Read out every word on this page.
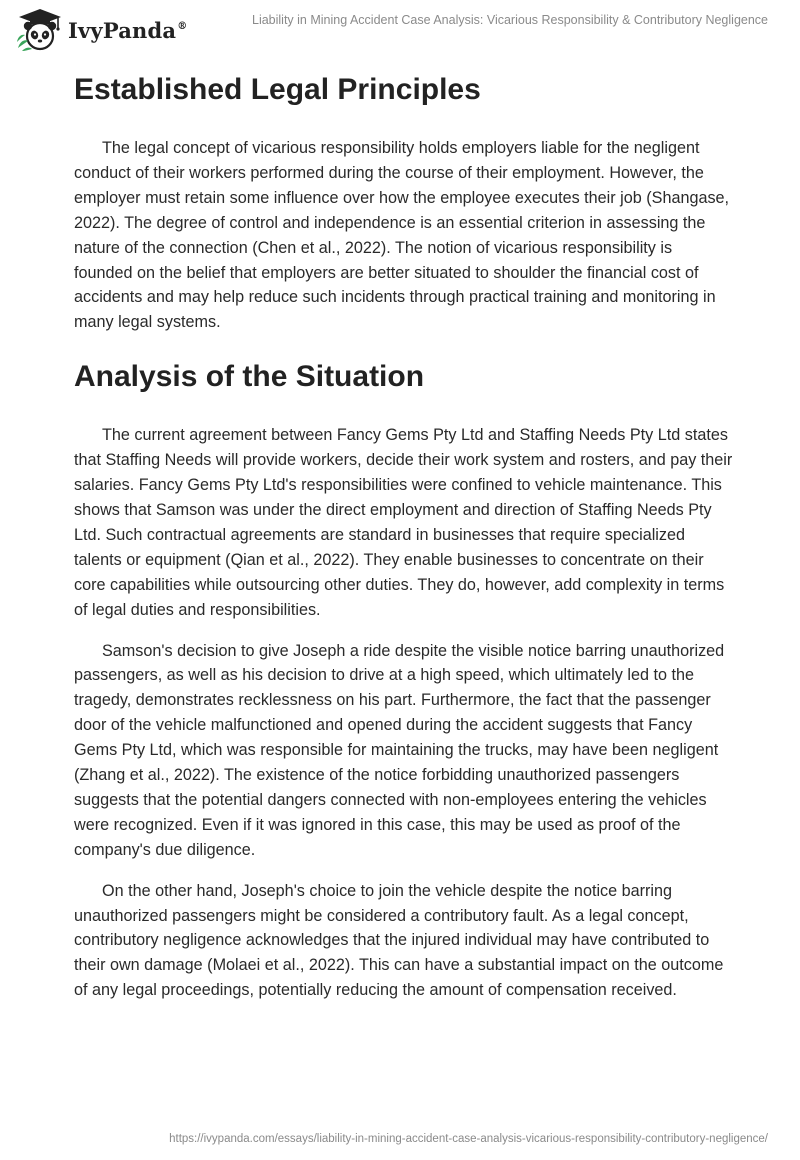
IvyPanda®	Liability in Mining Accident Case Analysis: Vicarious Responsibility & Contributory Negligence
Established Legal Principles

The legal concept of vicarious responsibility holds employers liable for the negligent conduct of their workers performed during the course of their employment. However, the employer must retain some influence over how the employee executes their job (Shangase, 2022). The degree of control and independence is an essential criterion in assessing the nature of the connection (Chen et al., 2022). The notion of vicarious responsibility is founded on the belief that employers are better situated to shoulder the financial cost of accidents and may help reduce such incidents through practical training and monitoring in many legal systems.

Analysis of the Situation

The current agreement between Fancy Gems Pty Ltd and Staffing Needs Pty Ltd states that Staffing Needs will provide workers, decide their work system and rosters, and pay their salaries. Fancy Gems Pty Ltd's responsibilities were confined to vehicle maintenance. This shows that Samson was under the direct employment and direction of Staffing Needs Pty Ltd. Such contractual agreements are standard in businesses that require specialized talents or equipment (Qian et al., 2022). They enable businesses to concentrate on their core capabilities while outsourcing other duties. They do, however, add complexity in terms of legal duties and responsibilities.

Samson's decision to give Joseph a ride despite the visible notice barring unauthorized passengers, as well as his decision to drive at a high speed, which ultimately led to the tragedy, demonstrates recklessness on his part. Furthermore, the fact that the passenger door of the vehicle malfunctioned and opened during the accident suggests that Fancy Gems Pty Ltd, which was responsible for maintaining the trucks, may have been negligent (Zhang et al., 2022). The existence of the notice forbidding unauthorized passengers suggests that the potential dangers connected with non-employees entering the vehicles were recognized. Even if it was ignored in this case, this may be used as proof of the company's due diligence.

On the other hand, Joseph's choice to join the vehicle despite the notice barring unauthorized passengers might be considered a contributory fault. As a legal concept, contributory negligence acknowledges that the injured individual may have contributed to their own damage (Molaei et al., 2022). This can have a substantial impact on the outcome of any legal proceedings, potentially reducing the amount of compensation received.

https://ivypanda.com/essays/liability-in-mining-accident-case-analysis-vicarious-responsibility-contributory-negligence/
